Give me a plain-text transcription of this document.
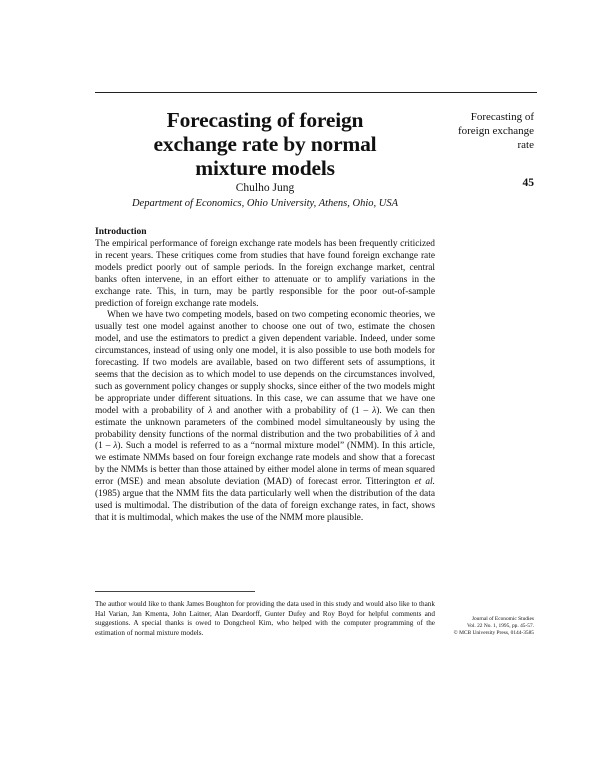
Forecasting of foreign
exchange rate by normal
mixture models
Chulho Jung
Department of Economics, Ohio University, Athens, Ohio, USA
Forecasting of
foreign exchange
rate
45
Introduction

The empirical performance of foreign exchange rate models has been frequently criticized in recent years. These critiques come from studies that have found foreign exchange rate models predict poorly out of sample periods. In the foreign exchange market, central banks often intervene, in an effort either to attenuate or to amplify variations in the exchange rate. This, in turn, may be partly responsible for the poor out-of-sample prediction of foreign exchange rate models.

When we have two competing models, based on two competing economic theories, we usually test one model against another to choose one out of two, estimate the chosen model, and use the estimators to predict a given dependent variable. Indeed, under some circumstances, instead of using only one model, it is also possible to use both models for forecasting. If two models are available, based on two different sets of assumptions, it seems that the decision as to which model to use depends on the circumstances involved, such as government policy changes or supply shocks, since either of the two models might be appropriate under different situations. In this case, we can assume that we have one model with a probability of λ and another with a probability of (1 – λ). We can then estimate the unknown parameters of the combined model simultaneously by using the probability density functions of the normal distribution and the two probabilities of λ and (1 – λ). Such a model is referred to as a “normal mixture model” (NMM). In this article, we estimate NMMs based on four foreign exchange rate models and show that a forecast by the NMMs is better than those attained by either model alone in terms of mean squared error (MSE) and mean absolute deviation (MAD) of forecast error. Titterington et al. (1985) argue that the NMM fits the data particularly well when the distribution of the data used is multimodal. The distribution of the data of foreign exchange rates, in fact, shows that it is multimodal, which makes the use of the NMM more plausible.

The author would like to thank James Boughton for providing the data used in this study and would also like to thank Hal Varian, Jan Kmenta, John Laitner, Alan Deardorff, Gunter Dufey and Roy Boyd for helpful comments and suggestions. A special thanks is owed to Dongcheol Kim, who helped with the computer programming of the estimation of normal mixture models.
Journal of Economic Studies
Vol. 22 No. 1, 1995, pp. 45-57.
© MCB University Press, 0144-3585
